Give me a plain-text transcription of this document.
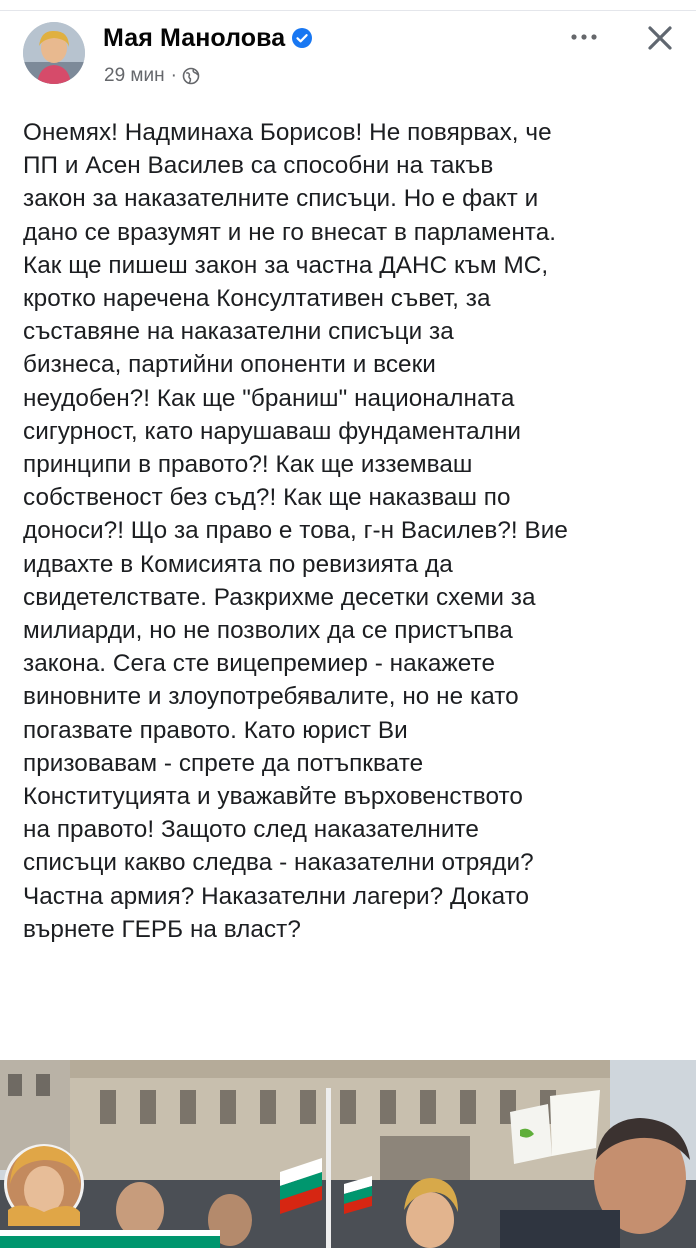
Мая Манолова
29 мин ·
Онемях! Надминаха Борисов! Не повярвах, че
ПП и Асен Василев са способни на такъв
закон за наказателните списъци. Но е факт и
дано се вразумят и не го внесат в парламента.
Как ще пишеш закон за частна ДАНС към МС,
кротко наречена Консултативен съвет, за
съставяне на наказателни списъци за
бизнеса, партийни опоненти и всеки
неудобен?! Как ще "браниш" националната
сигурност, като нарушаваш фундаментални
принципи в правото?! Как ще изземваш
собственост без съд?! Как ще наказваш по
доноси?! Що за право е това, г-н Василев?! Вие
идвахте в Комисията по ревизията да
свидетелствате. Разкрихме десетки схеми за
милиарди, но не позволих да се пристъпва
закона. Сега сте вицепремиер - накажете
виновните и злоупотребявалите, но не като
погазвате правото. Като юрист Ви
призовавам - спрете да потъпквате
Конституцията и уважавйте върховенството
на правото! Защото след наказателните
списъци какво следва - наказателни отряди?
Частна армия? Наказателни лагери? Докато
върнете ГЕРБ на власт?
